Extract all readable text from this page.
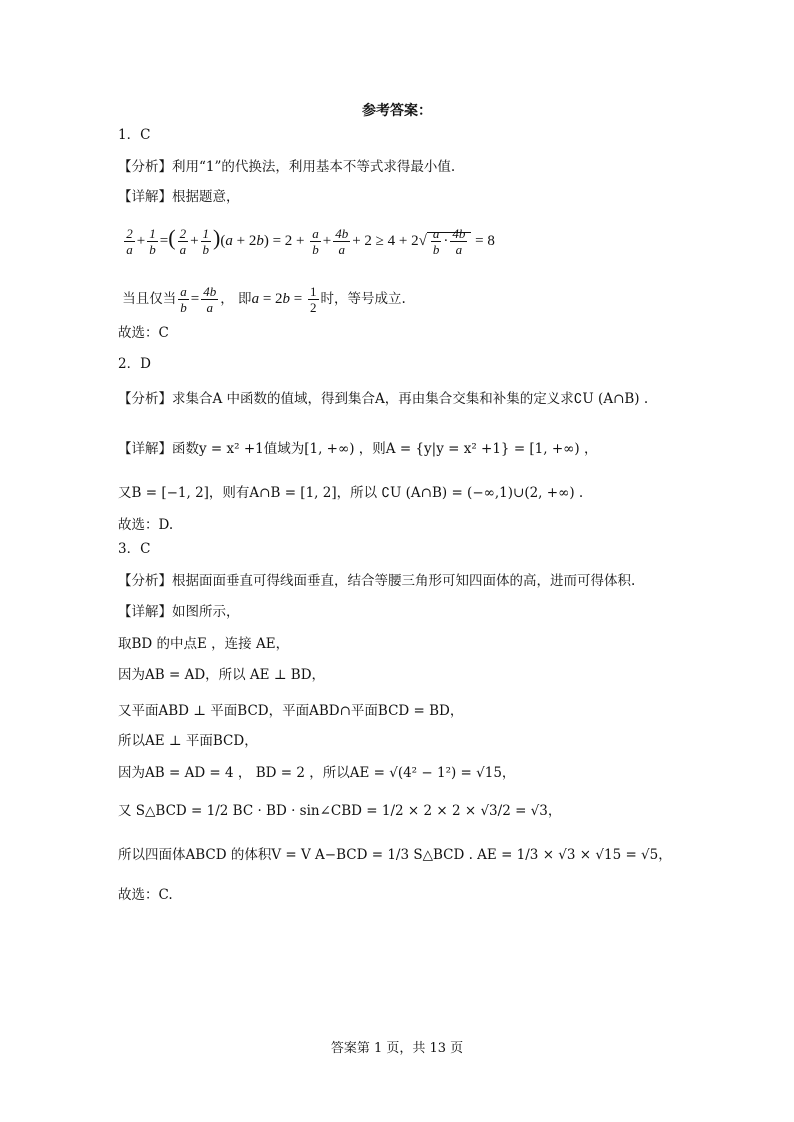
参考答案：
1．C
【分析】利用“1”的代换法，利用基本不等式求得最小值.
【详解】根据题意，
$\frac{2}{a} + \frac{1}{b}$ =( $\frac{2}{a} + \frac{1}{b} )(a + 2b) = 2 + \frac{a}{b} + \frac{4b}{a} + 2 \ge 4 + 2√ \frac{a}{b} \cdot \frac{4b}{a} = 8$
当且仅当 $\frac{a}{b} = \frac{4b}{a}$ ， 即$a = 2b = \frac{1}{2}$ 时，等号成立.
故选：C
2．D
【分析】求集合A 中函数的值域，得到集合A，再由集合交集和补集的定义求∁U (A∩B) .
【详解】函数y = x² +1值域为[1, +∞) ，则A = {y|y = x² +1} = [1, +∞) ，
又B = [−1, 2]，则有A∩B = [1, 2]，所以 ∁U (A∩B) = (−∞,1)∪(2, +∞) .
故选：D.
3．C
【分析】根据面面垂直可得线面垂直，结合等腰三角形可知四面体的高，进而可得体积.
【详解】如图所示，
取BD 的中点E ，连接 AE，
因为AB = AD，所以 AE ⊥ BD，
又平面ABD ⊥ 平面BCD，平面ABD∩平面BCD = BD，
所以AE ⊥ 平面BCD，
因为AB = AD = 4 ， BD = 2 ，所以AE = √(4² − 1²) = √15，
又 S△BCD = 1/2 BC · BD · sin∠CBD = 1/2 × 2 × 2 × √3/2 = √3，
所以四面体ABCD 的体积V = V A−BCD = 1/3 S△BCD . AE = 1/3 × √3 × √15 = √5，
故选：C.
答案第 1 页，共 13 页
